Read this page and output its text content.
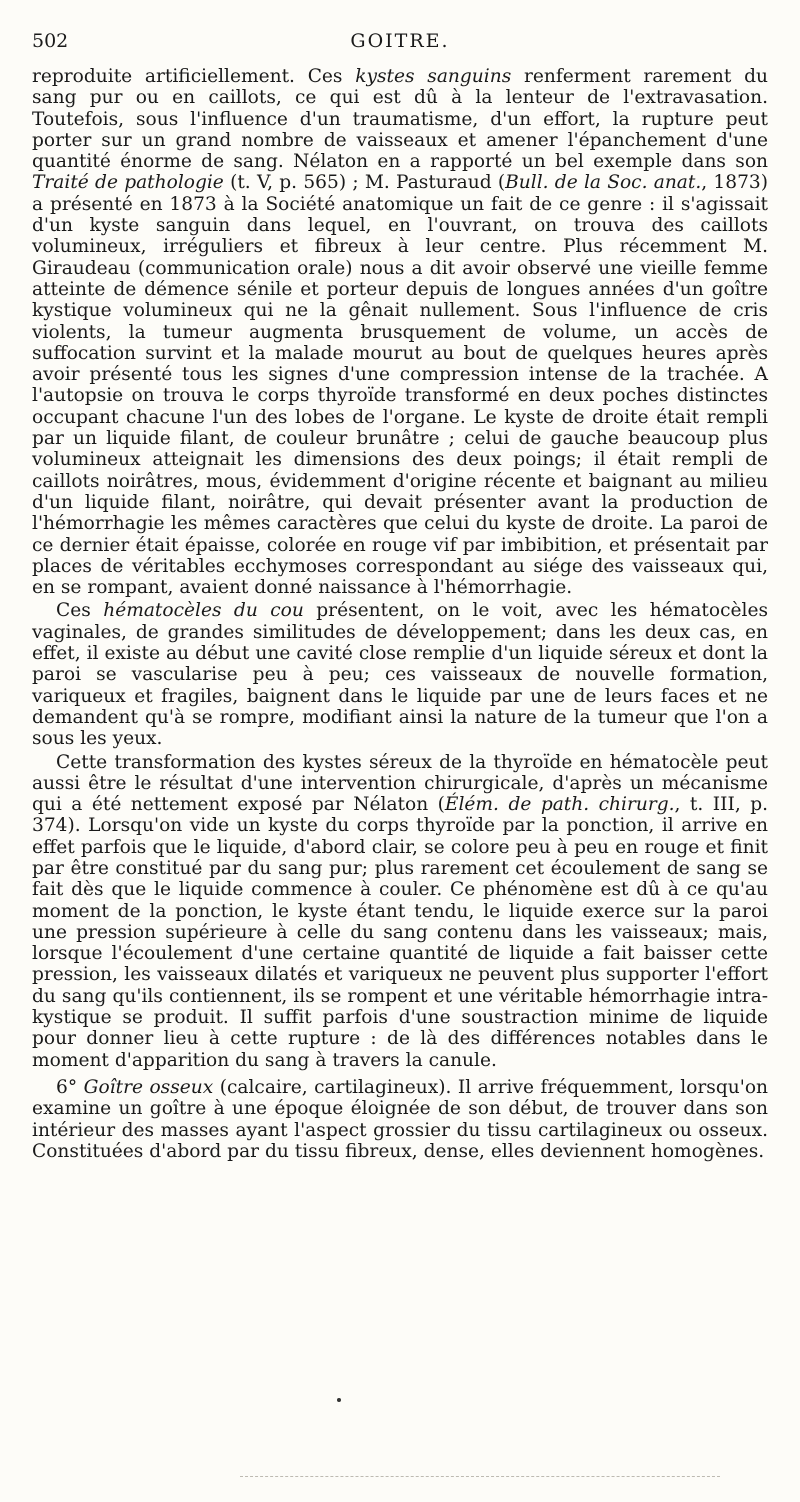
502	GOITRE.

reproduite artificiellement. Ces kystes sanguins renferment rarement du sang pur ou en caillots, ce qui est dû à la lenteur de l'extravasation. Toutefois, sous l'influence d'un traumatisme, d'un effort, la rupture peut porter sur un grand nombre de vaisseaux et amener l'épanchement d'une quantité énorme de sang. Nélaton en a rapporté un bel exemple dans son Traité de pathologie (t. V, p. 565) ; M. Pasturaud (Bull. de la Soc. anat., 1873) a présenté en 1873 à la Société anatomique un fait de ce genre : il s'agissait d'un kyste sanguin dans lequel, en l'ouvrant, on trouva des caillots volumineux, irréguliers et fibreux à leur centre. Plus récemment M. Giraudeau (communication orale) nous a dit avoir observé une vieille femme atteinte de démence sénile et porteur depuis de longues années d'un goître kystique volumineux qui ne la gênait nullement. Sous l'influence de cris violents, la tumeur augmenta brusquement de volume, un accès de suffocation survint et la malade mourut au bout de quelques heures après avoir présenté tous les signes d'une compression intense de la trachée. A l'autopsie on trouva le corps thyroïde transformé en deux poches distinctes occupant chacune l'un des lobes de l'organe. Le kyste de droite était rempli par un liquide filant, de couleur brunâtre ; celui de gauche beaucoup plus volumineux atteignait les dimensions des deux poings; il était rempli de caillots noirâtres, mous, évidemment d'origine récente et baignant au milieu d'un liquide filant, noirâtre, qui devait présenter avant la production de l'hémorrhagie les mêmes caractères que celui du kyste de droite. La paroi de ce dernier était épaisse, colorée en rouge vif par imbibition, et présentait par places de véritables ecchymoses correspondant au siége des vaisseaux qui, en se rompant, avaient donné naissance à l'hémorrhagie.

Ces hématocèles du cou présentent, on le voit, avec les hématocèles vaginales, de grandes similitudes de développement; dans les deux cas, en effet, il existe au début une cavité close remplie d'un liquide séreux et dont la paroi se vascularise peu à peu; ces vaisseaux de nouvelle formation, variqueux et fragiles, baignent dans le liquide par une de leurs faces et ne demandent qu'à se rompre, modifiant ainsi la nature de la tumeur que l'on a sous les yeux.

Cette transformation des kystes séreux de la thyroïde en hématocèle peut aussi être le résultat d'une intervention chirurgicale, d'après un mécanisme qui a été nettement exposé par Nélaton (Élém. de path. chirurg., t. III, p. 374). Lorsqu'on vide un kyste du corps thyroïde par la ponction, il arrive en effet parfois que le liquide, d'abord clair, se colore peu à peu en rouge et finit par être constitué par du sang pur; plus rarement cet écoulement de sang se fait dès que le liquide commence à couler. Ce phénomène est dû à ce qu'au moment de la ponction, le kyste étant tendu, le liquide exerce sur la paroi une pression supérieure à celle du sang contenu dans les vaisseaux; mais, lorsque l'écoulement d'une certaine quantité de liquide a fait baisser cette pression, les vaisseaux dilatés et variqueux ne peuvent plus supporter l'effort du sang qu'ils contiennent, ils se rompent et une véritable hémorrhagie intra-kystique se produit. Il suffit parfois d'une soustraction minime de liquide pour donner lieu à cette rupture : de là des différences notables dans le moment d'apparition du sang à travers la canule.

6° Goître osseux (calcaire, cartilagineux). Il arrive fréquemment, lorsqu'on examine un goître à une époque éloignée de son début, de trouver dans son intérieur des masses ayant l'aspect grossier du tissu cartilagineux ou osseux. Constituées d'abord par du tissu fibreux, dense, elles deviennent homogènes.
